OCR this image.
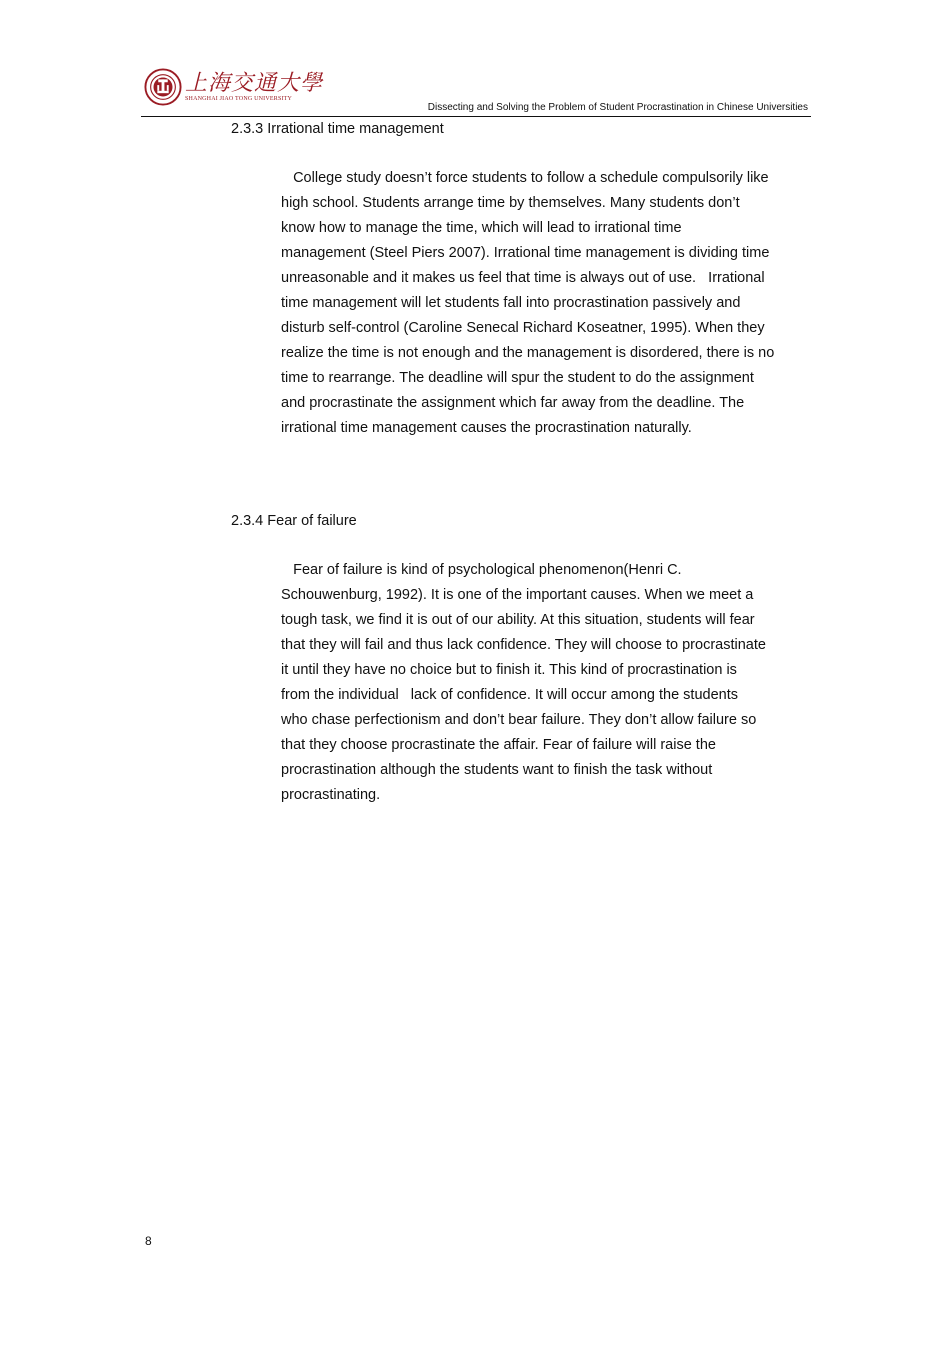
上海交通大學
SHANGHAI JIAO TONG UNIVERSITY
Dissecting and Solving the Problem of Student Procrastination in Chinese Universities
2.3.3 Irrational time management
College study doesn’t force students to follow a schedule compulsorily like
high school. Students arrange time by themselves. Many students don’t
know how to manage the time, which will lead to irrational time
management (Steel Piers 2007). Irrational time management is dividing time
unreasonable and it makes us feel that time is always out of use.   Irrational
time management will let students fall into procrastination passively and
disturb self-control (Caroline Senecal Richard Koseatner, 1995). When they
realize the time is not enough and the management is disordered, there is no
time to rearrange. The deadline will spur the student to do the assignment
and procrastinate the assignment which far away from the deadline. The
irrational time management causes the procrastination naturally.
2.3.4 Fear of failure
Fear of failure is kind of psychological phenomenon(Henri C.
Schouwenburg, 1992). It is one of the important causes. When we meet a
tough task, we find it is out of our ability. At this situation, students will fear
that they will fail and thus lack confidence. They will choose to procrastinate
it until they have no choice but to finish it. This kind of procrastination is
from the individual   lack of confidence. It will occur among the students
who chase perfectionism and don’t bear failure. They don’t allow failure so
that they choose procrastinate the affair. Fear of failure will raise the
procrastination although the students want to finish the task without
procrastinating.
8
